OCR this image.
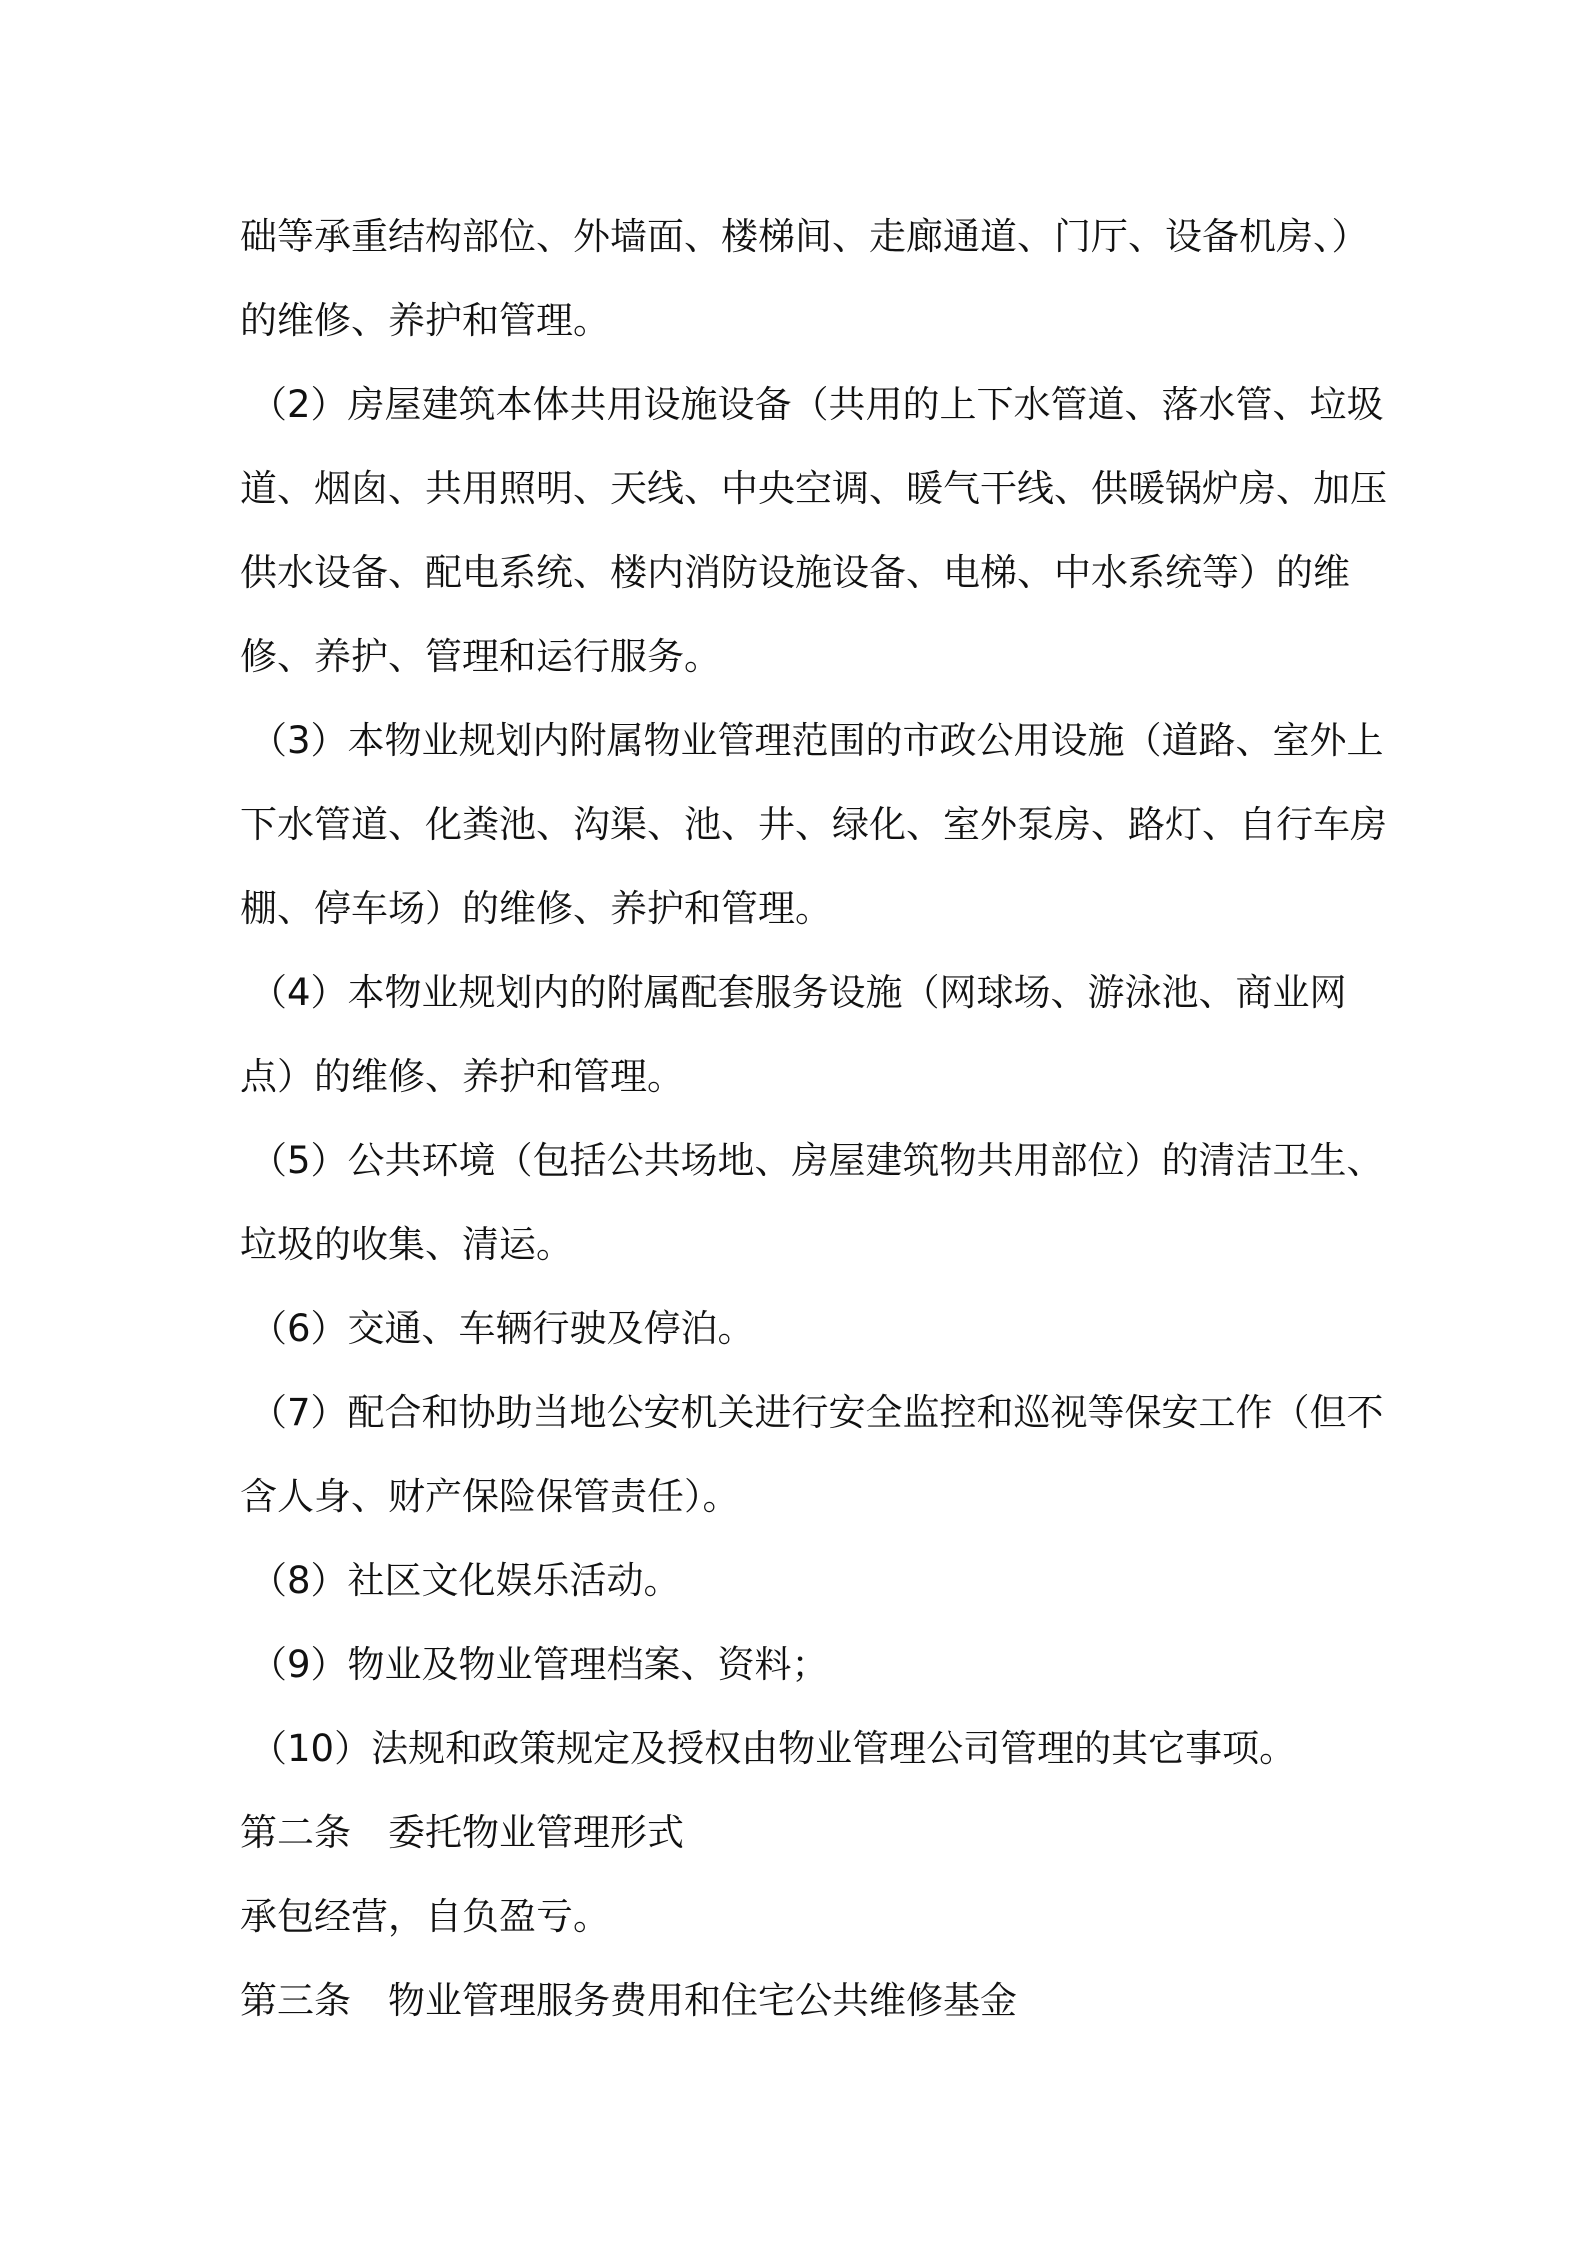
础等承重结构部位、外墙面、楼梯间、走廊通道、门厅、设备机房、）的维修、养护和管理。

（2）房屋建筑本体共用设施设备（共用的上下水管道、落水管、垃圾道、烟囱、共用照明、天线、中央空调、暖气干线、供暖锅炉房、加压供水设备、配电系统、楼内消防设施设备、电梯、中水系统等）的维修、养护、管理和运行服务。

（3）本物业规划内附属物业管理范围的市政公用设施（道路、室外上下水管道、化粪池、沟渠、池、井、绿化、室外泵房、路灯、自行车房棚、停车场）的维修、养护和管理。

（4）本物业规划内的附属配套服务设施（网球场、游泳池、商业网点）的维修、养护和管理。

（5）公共环境（包括公共场地、房屋建筑物共用部位）的清洁卫生、垃圾的收集、清运。

（6）交通、车辆行驶及停泊。

（7）配合和协助当地公安机关进行安全监控和巡视等保安工作（但不含人身、财产保险保管责任）。

（8）社区文化娱乐活动。

（9）物业及物业管理档案、资料；

（10）法规和政策规定及授权由物业管理公司管理的其它事项。

第二条　委托物业管理形式

承包经营，自负盈亏。

第三条　物业管理服务费用和住宅公共维修基金
